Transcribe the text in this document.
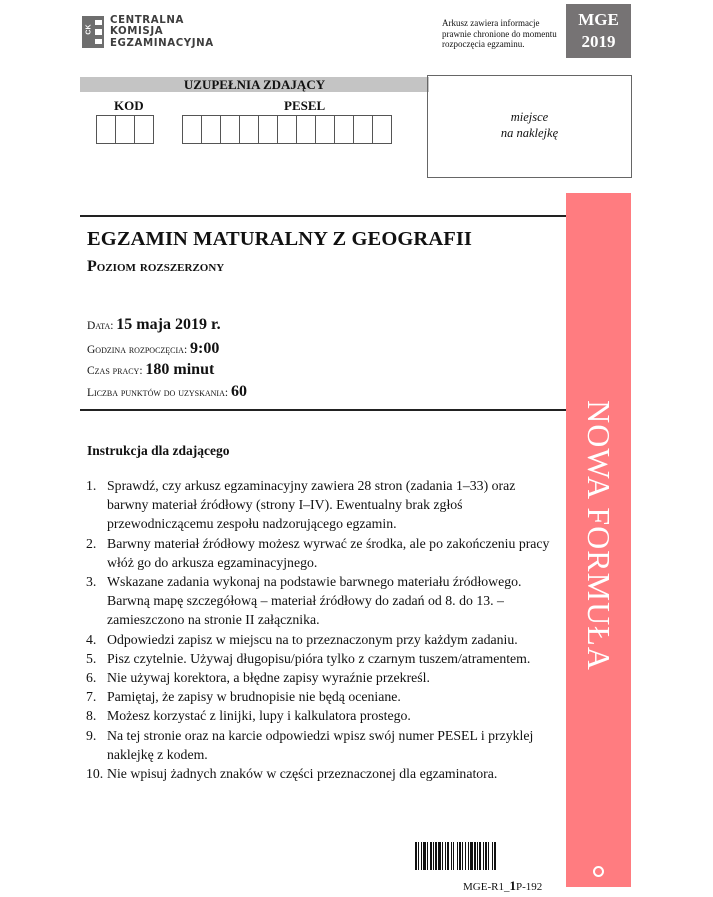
CK
CENTRALNA
KOMISJA
EGZAMINACYJNA
Arkusz zawiera informacje prawnie chronione do momentu rozpoczęcia egzaminu.
MGE
2019
UZUPEŁNIA ZDAJĄCY
KOD	PESEL
miejsce
na naklejkę
EGZAMIN MATURALNY Z GEOGRAFII
Poziom rozszerzony
Data: 15 maja 2019 r.
Godzina rozpoczęcia: 9:00
Czas pracy: 180 minut
Liczba punktów do uzyskania: 60
Instrukcja dla zdającego
1. Sprawdź, czy arkusz egzaminacyjny zawiera 28 stron (zadania 1–33) oraz barwny materiał źródłowy (strony I–IV). Ewentualny brak zgłoś przewodniczącemu zespołu nadzorującego egzamin.
2. Barwny materiał źródłowy możesz wyrwać ze środka, ale po zakończeniu pracy włóż go do arkusza egzaminacyjnego.
3. Wskazane zadania wykonaj na podstawie barwnego materiału źródłowego. Barwną mapę szczegółową – materiał źródłowy do zadań od 8. do 13. – zamieszczono na stronie II załącznika.
4. Odpowiedzi zapisz w miejscu na to przeznaczonym przy każdym zadaniu.
5. Pisz czytelnie. Używaj długopisu/pióra tylko z czarnym tuszem/atramentem.
6. Nie używaj korektora, a błędne zapisy wyraźnie przekreśl.
7. Pamiętaj, że zapisy w brudnopisie nie będą oceniane.
8. Możesz korzystać z linijki, lupy i kalkulatora prostego.
9. Na tej stronie oraz na karcie odpowiedzi wpisz swój numer PESEL i przyklej naklejkę z kodem.
10. Nie wpisuj żadnych znaków w części przeznaczonej dla egzaminatora.
NOWA FORMUŁA
MGE-R1_1P-192
